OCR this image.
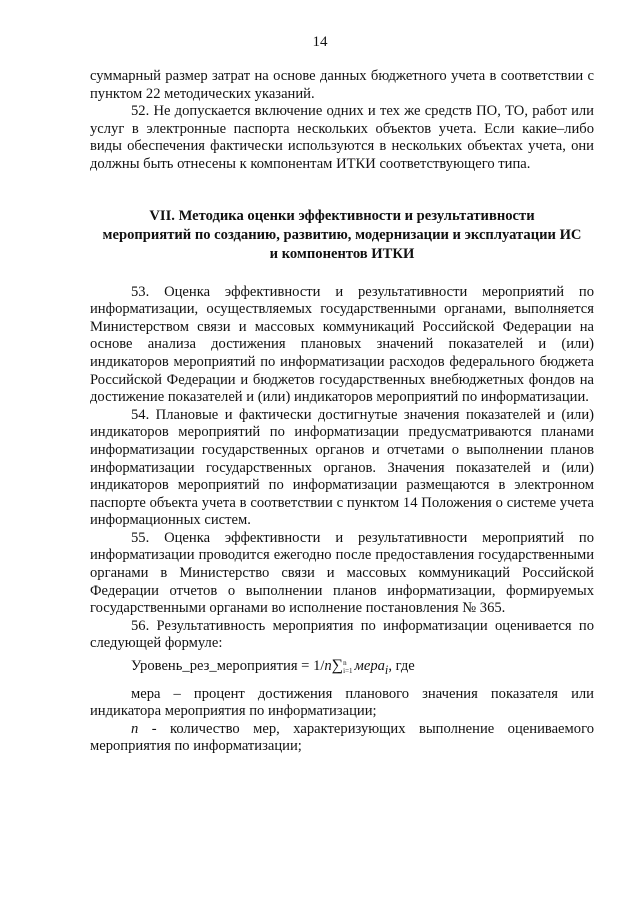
14

суммарный размер затрат на основе данных бюджетного учета в соответствии с пунктом 22 методических указаний.

52. Не допускается включение одних и тех же средств ПО, ТО, работ или услуг в электронные паспорта нескольких объектов учета. Если какие–либо виды обеспечения фактически используются в нескольких объектах учета, они должны быть отнесены к компонентам ИТКИ соответствующего типа.

VII. Методика оценки эффективности и результативности
мероприятий по созданию, развитию, модернизации и эксплуатации ИС
и компонентов ИТКИ

53. Оценка эффективности и результативности мероприятий по информатизации, осуществляемых государственными органами, выполняется Министерством связи и массовых коммуникаций Российской Федерации на основе анализа достижения плановых значений показателей и (или) индикаторов мероприятий по информатизации расходов федерального бюджета Российской Федерации и бюджетов государственных внебюджетных фондов на достижение показателей и (или) индикаторов мероприятий по информатизации.

54. Плановые и фактически достигнутые значения показателей и (или) индикаторов мероприятий по информатизации предусматриваются планами информатизации государственных органов и отчетами о выполнении планов информатизации государственных органов. Значения показателей и (или) индикаторов мероприятий по информатизации размещаются в электронном паспорте объекта учета в соответствии с пунктом 14 Положения о системе учета информационных систем.

55. Оценка эффективности и результативности мероприятий по информатизации проводится ежегодно после предоставления государственными органами в Министерство связи и массовых коммуникаций Российской Федерации отчетов о выполнении планов информатизации, формируемых государственными органами во исполнение постановления № 365.

56. Результативность мероприятия по информатизации оценивается по следующей формуле:

Уровень_рез_мероприятия = 1/n∑ n
i=1 мера$_i$, где

мера – процент достижения планового значения показателя или индикатора мероприятия по информатизации;

n - количество мер, характеризующих выполнение оцениваемого мероприятия по информатизации;
